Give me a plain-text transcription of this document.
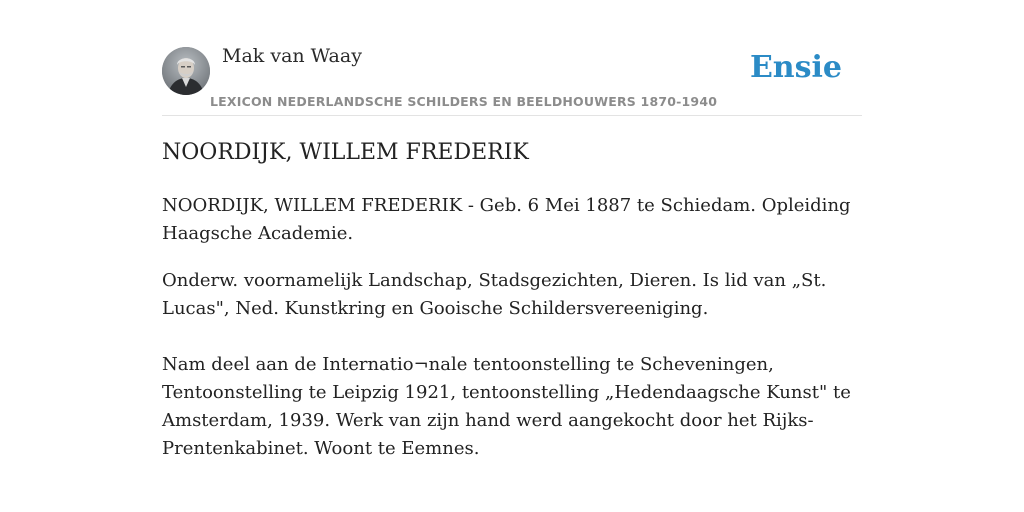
Mak van Waay
LEXICON NEDERLANDSCHE SCHILDERS EN BEELDHOUWERS 1870-1940
Ensie
NOORDIJK, WILLEM FREDERIK

NOORDIJK, WILLEM FREDERIK - Geb. 6 Mei 1887 te Schiedam. Opleiding Haagsche Academie.

Onderw. voornamelijk Landschap, Stadsgezichten, Dieren. Is lid van „St. Lucas", Ned. Kunstkring en Gooische Schildersvereeniging.

Nam deel aan de Internatio¬nale tentoonstelling te Scheveningen, Tentoonstelling te Leipzig 1921, tentoonstelling „Hedendaagsche Kunst" te Amsterdam, 1939. Werk van zijn hand werd aangekocht door het Rijks-Prentenkabinet. Woont te Eemnes.
